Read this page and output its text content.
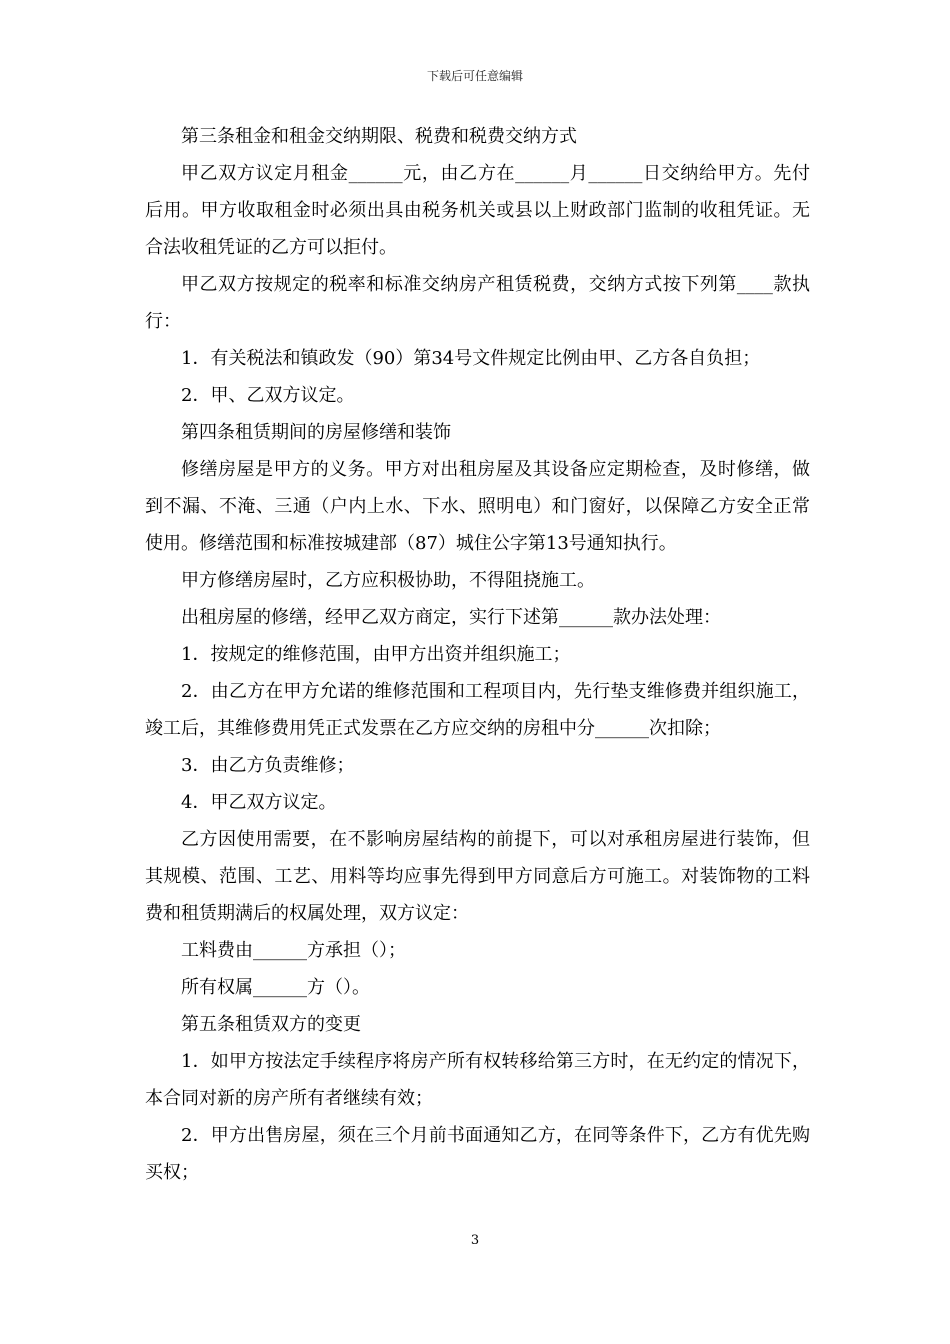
下载后可任意编辑

第三条租金和租金交纳期限、税费和税费交纳方式

甲乙双方议定月租金______元，由乙方在______月______日交纳给甲方。先付后用。甲方收取租金时必须出具由税务机关或县以上财政部门监制的收租凭证。无合法收租凭证的乙方可以拒付。

甲乙双方按规定的税率和标准交纳房产租赁税费，交纳方式按下列第____款执行：

1．有关税法和镇政发（90）第34号文件规定比例由甲、乙方各自负担；

2．甲、乙双方议定。

第四条租赁期间的房屋修缮和装饰

修缮房屋是甲方的义务。甲方对出租房屋及其设备应定期检查，及时修缮，做到不漏、不淹、三通（户内上水、下水、照明电）和门窗好，以保障乙方安全正常使用。修缮范围和标准按城建部（87）城住公字第13号通知执行。

甲方修缮房屋时，乙方应积极协助，不得阻挠施工。

出租房屋的修缮，经甲乙双方商定，实行下述第______款办法处理：

1．按规定的维修范围，由甲方出资并组织施工；

2．由乙方在甲方允诺的维修范围和工程项目内，先行垫支维修费并组织施工，竣工后，其维修费用凭正式发票在乙方应交纳的房租中分______次扣除；

3．由乙方负责维修；

4．甲乙双方议定。

乙方因使用需要，在不影响房屋结构的前提下，可以对承租房屋进行装饰，但其规模、范围、工艺、用料等均应事先得到甲方同意后方可施工。对装饰物的工料费和租赁期满后的权属处理，双方议定：

工料费由______方承担（）；

所有权属______方（）。

第五条租赁双方的变更

1．如甲方按法定手续程序将房产所有权转移给第三方时，在无约定的情况下，本合同对新的房产所有者继续有效；

2．甲方出售房屋，须在三个月前书面通知乙方，在同等条件下，乙方有优先购买权；

3
